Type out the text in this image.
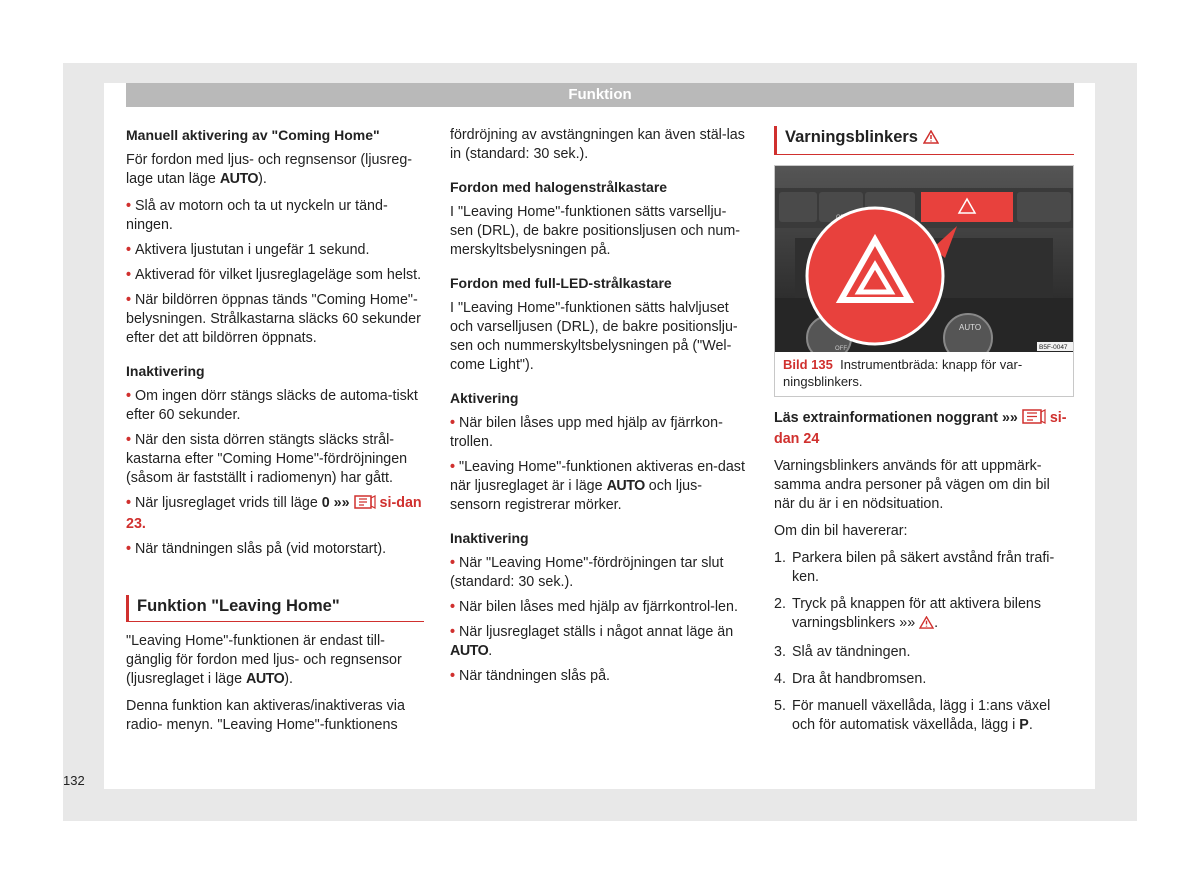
Funktion
Manuell aktivering av "Coming Home"

För fordon med ljus- och regnsensor (ljusreg-lage utan läge AUTO).

• Slå av motorn och ta ut nyckeln ur tänd-ningen.
• Aktivera ljustutan i ungefär 1 sekund.
• Aktiverad för vilket ljusreglageläge som helst.
• När bildörren öppnas tänds "Coming Home"-belysningen. Strålkastarna släcks 60 sekunder efter det att bildörren öppnats.
Inaktivering
• Om ingen dörr stängs släcks de automa-tiskt efter 60 sekunder.
• När den sista dörren stängts släcks strål-kastarna efter "Coming Home"-fördröjningen (såsom är fastställt i radiomenyn) har gått.
• När ljusreglaget vrids till läge 0 »»  si-dan 23.
• När tändningen slås på (vid motorstart).
Funktion "Leaving Home"

"Leaving Home"-funktionen är endast till-gänglig för fordon med ljus- och regnsensor (ljusreglaget i läge AUTO).

Denna funktion kan aktiveras/inaktiveras via radio- menyn. "Leaving Home"-funktionens

fördröjning av avstängningen kan även stäl-las in (standard: 30 sek.).

Fordon med halogenstrålkastare

I "Leaving Home"-funktionen sätts varsellju-sen (DRL), de bakre positionsljusen och num-merskyltsbelysningen på.

Fordon med full-LED-strålkastare

I "Leaving Home"-funktionen sätts halvljuset och varselljusen (DRL), de bakre positionslju-sen och nummerskyltsbelysningen på ("Wel-come Light").

Aktivering
• När bilen låses upp med hjälp av fjärrkon-trollen.
• "Leaving Home"-funktionen aktiveras en-dast när ljusreglaget är i läge AUTO och ljus-sensorn registrerar mörker.
Inaktivering
• När "Leaving Home"-fördröjningen tar slut (standard: 30 sek.).
• När bilen låses med hjälp av fjärrkontrol-len.
• När ljusreglaget ställs i något annat läge än AUTO.
• När tändningen slås på.
Varningsblinkers
AUTO
OFF	B5F-0047
Bild 135 Instrumentbräda: knapp för var-ningsblinkers.

Läs extrainformationen noggrant »»  si-dan 24

Varningsblinkers används för att uppmärk-samma andra personer på vägen om din bil när du är i en nödsituation.

Om din bil havererar:

1. Parkera bilen på säkert avstånd från trafi-ken.
2. Tryck på knappen för att aktivera bilens varningsblinkers »» .
3. Slå av tändningen.
4. Dra åt handbromsen.
5. För manuell växellåda, lägg i 1:ans växel och för automatisk växellåda, lägg i P.
132
